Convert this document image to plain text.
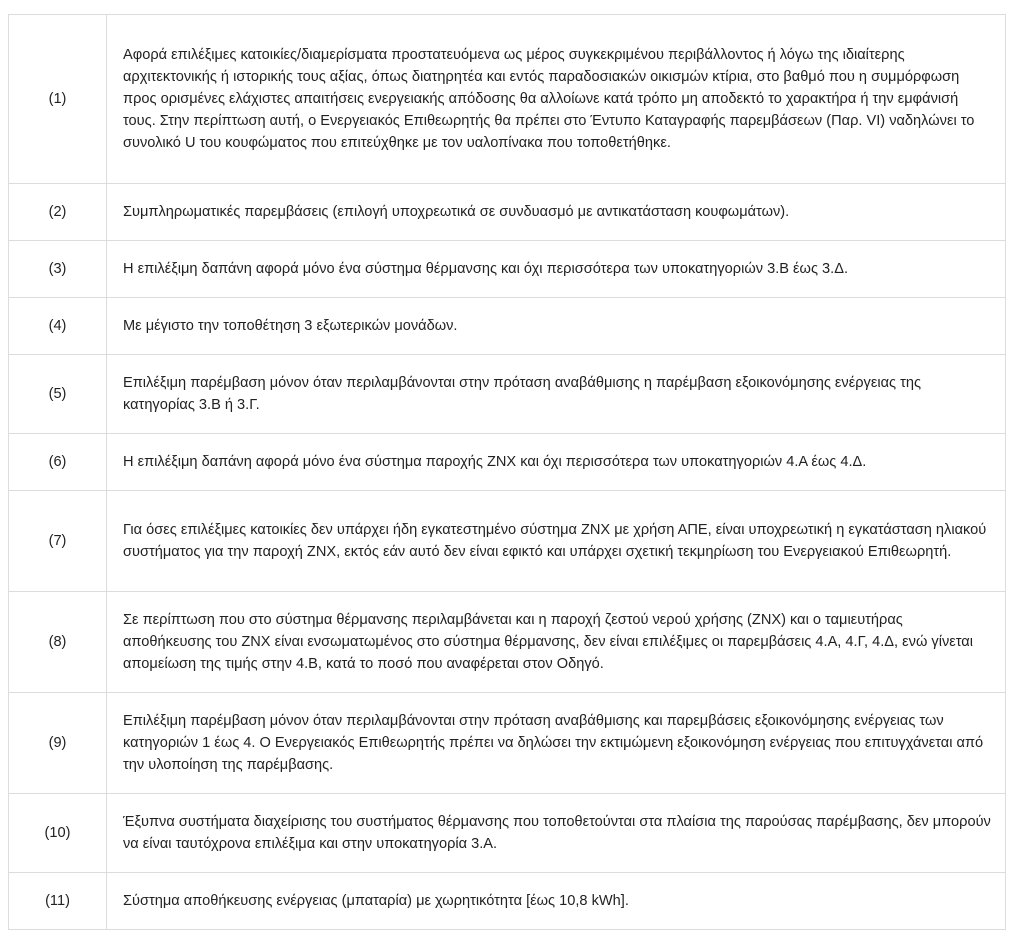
(1)	Αφορά επιλέξιμες κατοικίες/διαμερίσματα προστατευόμενα ως μέρος συγκεκριμένου περιβάλλοντος ή λόγω της ιδιαίτερης αρχιτεκτονικής ή ιστορικής τους αξίας, όπως διατηρητέα και εντός παραδοσιακών οικισμών κτίρια, στο βαθμό που η συμμόρφωση προς ορισμένες ελάχιστες απαιτήσεις ενεργειακής απόδοσης θα αλλοίωνε κατά τρόπο μη αποδεκτό το χαρακτήρα ή την εμφάνισή τους. Στην περίπτωση αυτή, ο Ενεργειακός Επιθεωρητής θα πρέπει στο Έντυπο Καταγραφής παρεμβάσεων (Παρ. VI) ναδηλώνει το συνολικό U του κουφώματος που επιτεύχθηκε με τον υαλοπίνακα που τοποθετήθηκε.
(2)	Συμπληρωματικές παρεμβάσεις (επιλογή υποχρεωτικά σε συνδυασμό με αντικατάσταση κουφωμάτων).
(3)	Η επιλέξιμη δαπάνη αφορά μόνο ένα σύστημα θέρμανσης και όχι περισσότερα των υποκατηγοριών 3.Β έως 3.Δ.
(4)	Με μέγιστο την τοποθέτηση 3 εξωτερικών μονάδων.
(5)	Επιλέξιμη παρέμβαση μόνον όταν περιλαμβάνονται στην πρόταση αναβάθμισης η παρέμβαση εξοικονόμησης ενέργειας της κατηγορίας 3.Β ή 3.Γ.
(6)	Η επιλέξιμη δαπάνη αφορά μόνο ένα σύστημα παροχής ΖΝΧ και όχι περισσότερα των υποκατηγοριών 4.Α έως 4.Δ.
(7)	Για όσες επιλέξιμες κατοικίες δεν υπάρχει ήδη εγκατεστημένο σύστημα ΖΝΧ με χρήση ΑΠΕ, είναι υποχρεωτική η εγκατάσταση ηλιακού συστήματος για την παροχή ΖΝΧ, εκτός εάν αυτό δεν είναι εφικτό και υπάρχει σχετική τεκμηρίωση του Ενεργειακού Επιθεωρητή.
(8)	Σε περίπτωση που στο σύστημα θέρμανσης περιλαμβάνεται και η παροχή ζεστού νερού χρήσης (ΖΝΧ) και ο ταμιευτήρας αποθήκευσης του ΖΝΧ είναι ενσωματωμένος στο σύστημα θέρμανσης, δεν είναι επιλέξιμες οι παρεμβάσεις 4.Α, 4.Γ, 4.Δ, ενώ γίνεται απομείωση της τιμής στην 4.Β, κατά το ποσό που αναφέρεται στον Οδηγό.
(9)	Επιλέξιμη παρέμβαση μόνον όταν περιλαμβάνονται στην πρόταση αναβάθμισης και παρεμβάσεις εξοικονόμησης ενέργειας των κατηγοριών 1 έως 4. Ο Ενεργειακός Επιθεωρητής πρέπει να δηλώσει την εκτιμώμενη εξοικονόμηση ενέργειας που επιτυγχάνεται από την υλοποίηση της παρέμβασης.
(10)	Έξυπνα συστήματα διαχείρισης του συστήματος θέρμανσης που τοποθετούνται στα πλαίσια της παρούσας παρέμβασης, δεν μπορούν να είναι ταυτόχρονα επιλέξιμα και στην υποκατηγορία 3.Α.
(11)	Σύστημα αποθήκευσης ενέργειας (μπαταρία) με χωρητικότητα [έως 10,8 kWh].
